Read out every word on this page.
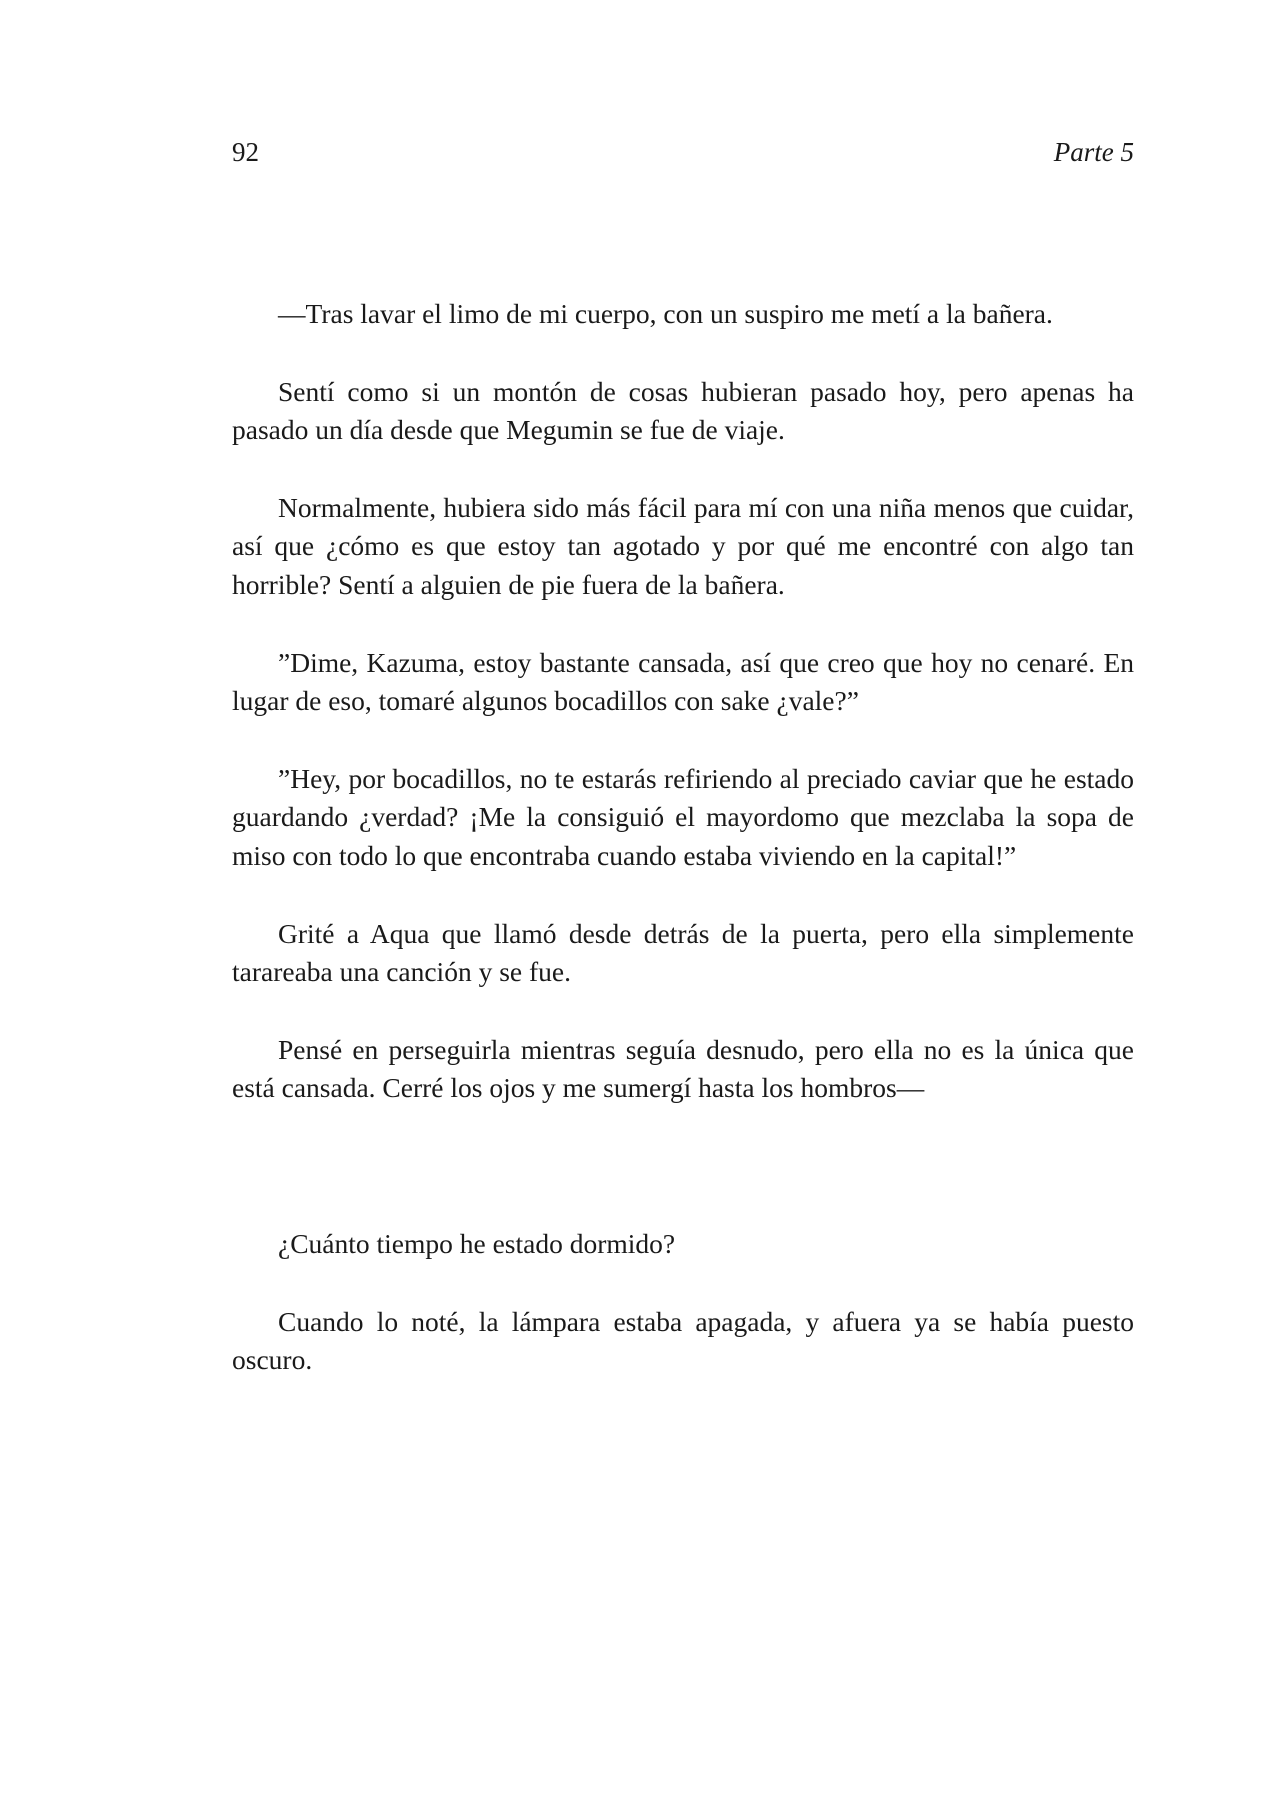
92	Parte 5

—Tras lavar el limo de mi cuerpo, con un suspiro me metí a la bañera.

Sentí como si un montón de cosas hubieran pasado hoy, pero apenas ha pasado un día desde que Megumin se fue de viaje.

Normalmente, hubiera sido más fácil para mí con una niña menos que cuidar, así que ¿cómo es que estoy tan agotado y por qué me encontré con algo tan horrible? Sentí a alguien de pie fuera de la bañera.

”Dime, Kazuma, estoy bastante cansada, así que creo que hoy no cenaré. En lugar de eso, tomaré algunos bocadillos con sake ¿vale?”

”Hey, por bocadillos, no te estarás refiriendo al preciado caviar que he estado guardando ¿verdad? ¡Me la consiguió el mayordomo que mezclaba la sopa de miso con todo lo que encontraba cuando estaba viviendo en la capital!”

Grité a Aqua que llamó desde detrás de la puerta, pero ella simplemente tarareaba una canción y se fue.

Pensé en perseguirla mientras seguía desnudo, pero ella no es la única que está cansada. Cerré los ojos y me sumergí hasta los hombros—

¿Cuánto tiempo he estado dormido?

Cuando lo noté, la lámpara estaba apagada, y afuera ya se había puesto oscuro.
